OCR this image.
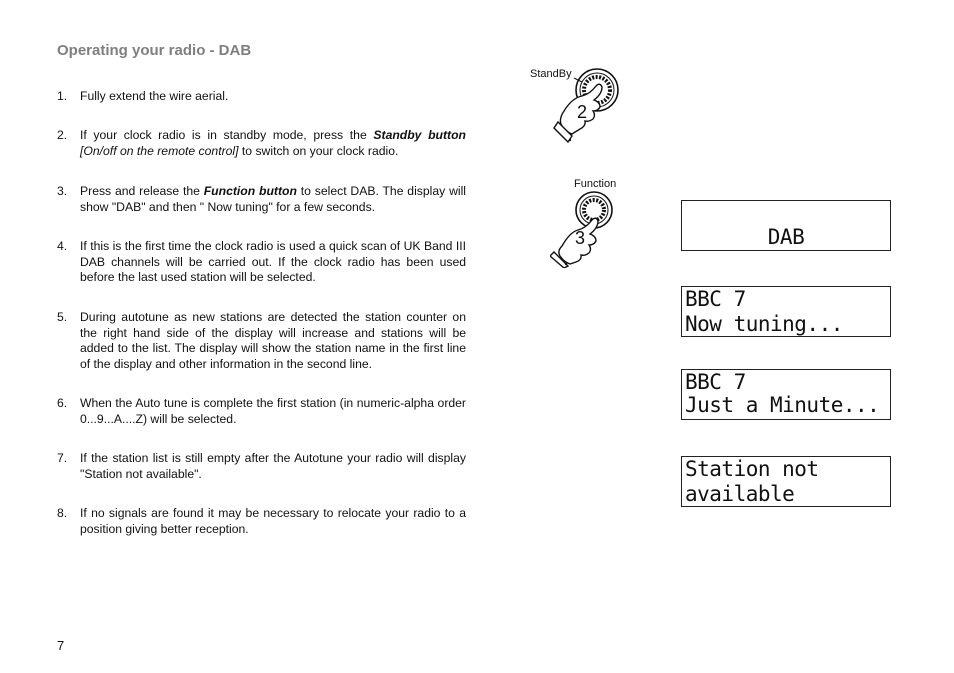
Operating your radio - DAB
1. Fully extend the wire aerial.
2. If your clock radio is in standby mode, press the Standby button [On/off on the remote control] to switch on your clock radio.
3. Press and release the Function button to select DAB. The display will show "DAB" and then " Now tuning" for a few seconds.
4. If this is the first time the clock radio is used a quick scan of UK Band III DAB channels will be carried out. If the clock radio has been used before the last used station will be selected.
5. During autotune as new stations are detected the station counter on the right hand side of the display will increase and stations will be added to the list. The display will show the station name in the first line of the display and other information in the second line.
6. When the Auto tune is complete the first station (in numeric-alpha order 0...9...A....Z) will be selected.
7. If the station list is still empty after the Autotune your radio will display "Station not available".
8. If no signals are found it may be necessary to relocate your radio to a position giving better reception.
StandBy
2
Function
3	DAB
BBC 7
Now tuning...
BBC 7
Just a Minute...
Station not
available
7
